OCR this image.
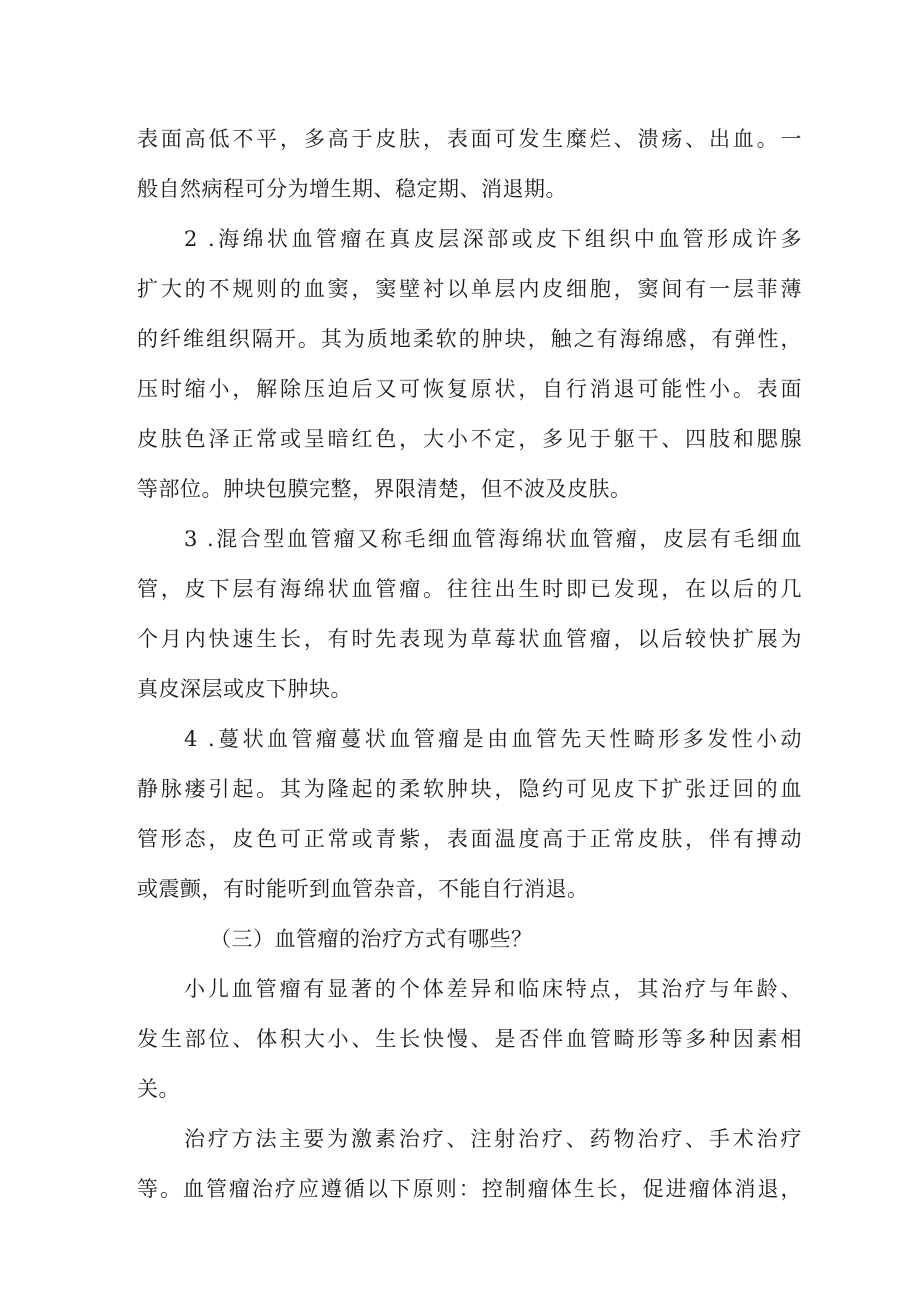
表面高低不平，多高于皮肤，表面可发生糜烂、溃疡、出血。一
般自然病程可分为增生期、稳定期、消退期。
2 .海绵状血管瘤在真皮层深部或皮下组织中血管形成许多
扩大的不规则的血窦，窦壁衬以单层内皮细胞，窦间有一层菲薄
的纤维组织隔开。其为质地柔软的肿块，触之有海绵感，有弹性，
压时缩小，解除压迫后又可恢复原状，自行消退可能性小。表面
皮肤色泽正常或呈暗红色，大小不定，多见于躯干、四肢和腮腺
等部位。肿块包膜完整，界限清楚，但不波及皮肤。
3 .混合型血管瘤又称毛细血管海绵状血管瘤，皮层有毛细血
管，皮下层有海绵状血管瘤。往往出生时即已发现，在以后的几
个月内快速生长，有时先表现为草莓状血管瘤，以后较快扩展为
真皮深层或皮下肿块。
4 .蔓状血管瘤蔓状血管瘤是由血管先天性畸形多发性小动
静脉瘘引起。其为隆起的柔软肿块，隐约可见皮下扩张迂回的血
管形态，皮色可正常或青紫，表面温度高于正常皮肤，伴有搏动
或震颤，有时能听到血管杂音，不能自行消退。
（三）血管瘤的治疗方式有哪些？
小儿血管瘤有显著的个体差异和临床特点，其治疗与年龄、
发生部位、体积大小、生长快慢、是否伴血管畸形等多种因素相
关。
治疗方法主要为激素治疗、注射治疗、药物治疗、手术治疗
等。血管瘤治疗应遵循以下原则：控制瘤体生长，促进瘤体消退，
